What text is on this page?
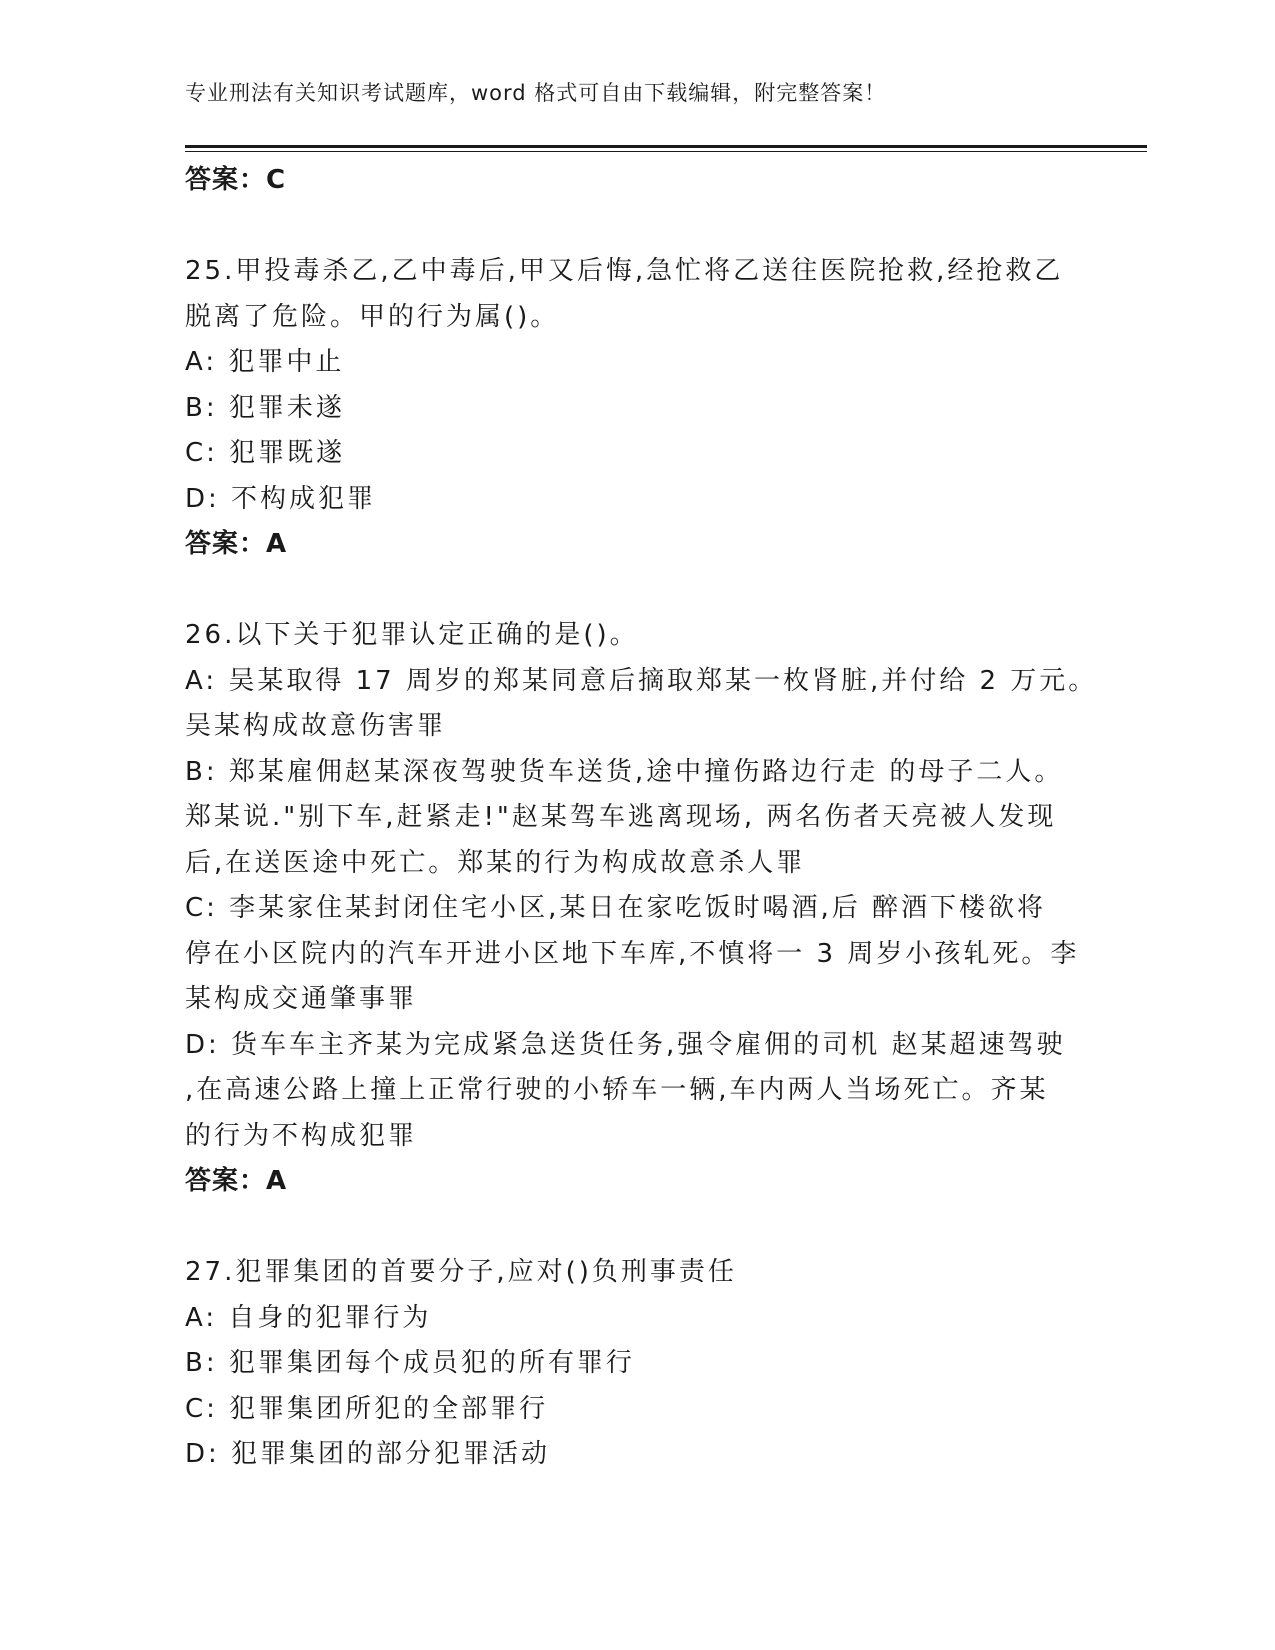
专业刑法有关知识考试题库，word 格式可自由下载编辑，附完整答案！
答案：C
25.甲投毒杀乙,乙中毒后,甲又后悔,急忙将乙送往医院抢救,经抢救乙
脱离了危险。甲的行为属()。
A: 犯罪中止
B: 犯罪未遂
C: 犯罪既遂
D: 不构成犯罪
答案：A
26.以下关于犯罪认定正确的是()。
A: 吴某取得 17 周岁的郑某同意后摘取郑某一枚肾脏,并付给 2 万元。
吴某构成故意伤害罪
B: 郑某雇佣赵某深夜驾驶货车送货,途中撞伤路边行走 的母子二人。
郑某说."别下车,赶紧走!"赵某驾车逃离现场, 两名伤者天亮被人发现
后,在送医途中死亡。郑某的行为构成故意杀人罪
C: 李某家住某封闭住宅小区,某日在家吃饭时喝酒,后 醉酒下楼欲将
停在小区院内的汽车开进小区地下车库,不慎将一 3 周岁小孩轧死。李
某构成交通肇事罪
D: 货车车主齐某为完成紧急送货任务,强令雇佣的司机 赵某超速驾驶
,在高速公路上撞上正常行驶的小轿车一辆,车内两人当场死亡。齐某
的行为不构成犯罪
答案：A
27.犯罪集团的首要分子,应对()负刑事责任
A: 自身的犯罪行为
B: 犯罪集团每个成员犯的所有罪行
C: 犯罪集团所犯的全部罪行
D: 犯罪集团的部分犯罪活动
